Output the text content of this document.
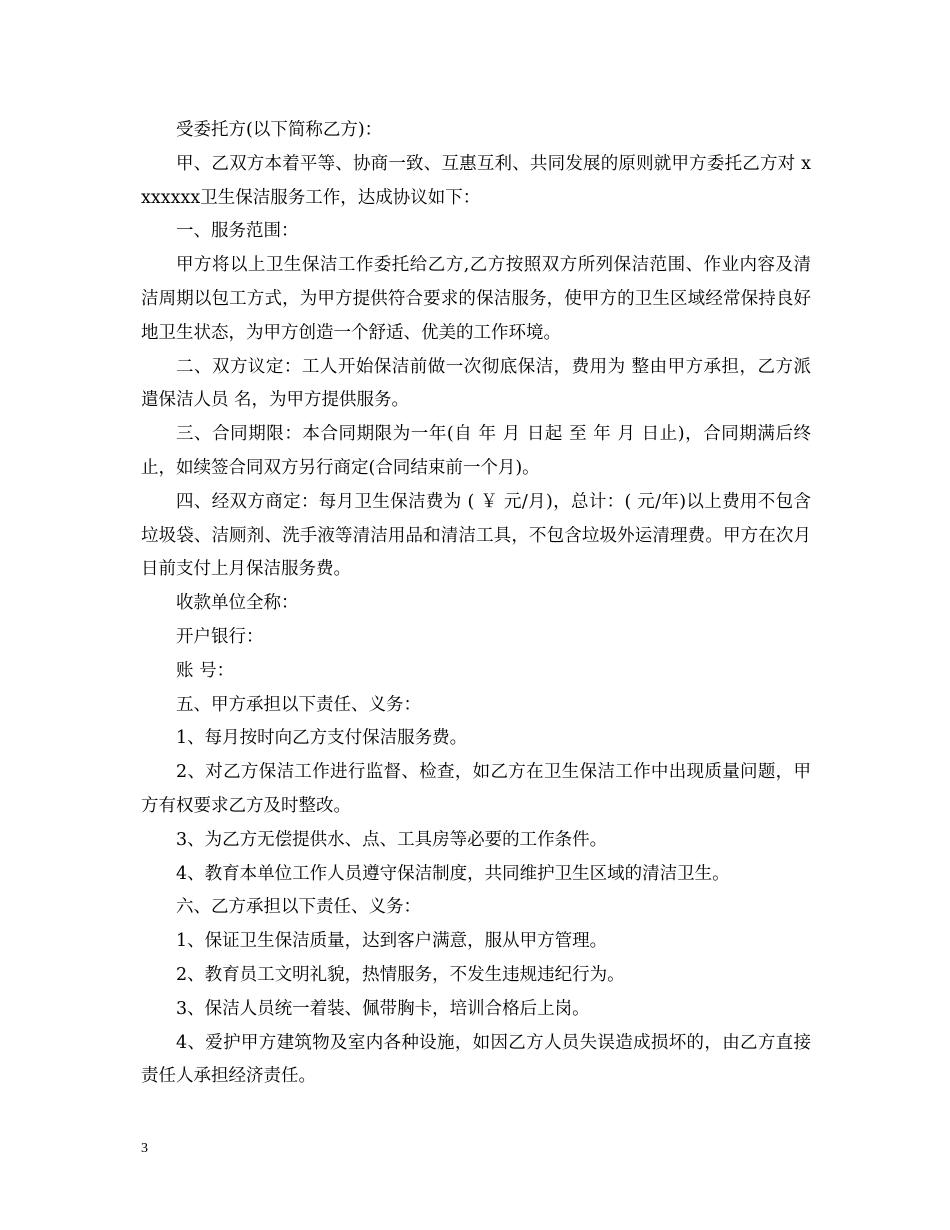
受委托方(以下简称乙方)：

甲、乙双方本着平等、协商一致、互惠互利、共同发展的原则就甲方委托乙方对 xxxxxxx卫生保洁服务工作，达成协议如下：

一、服务范围：

甲方将以上卫生保洁工作委托给乙方,乙方按照双方所列保洁范围、作业内容及清洁周期以包工方式，为甲方提供符合要求的保洁服务，使甲方的卫生区域经常保持良好地卫生状态，为甲方创造一个舒适、优美的工作环境。

二、双方议定：工人开始保洁前做一次彻底保洁，费用为 整由甲方承担，乙方派遣保洁人员 名，为甲方提供服务。

三、合同期限：本合同期限为一年(自 年 月 日起 至 年 月 日止)，合同期满后终止，如续签合同双方另行商定(合同结束前一个月)。

四、经双方商定：每月卫生保洁费为 ( ￥ 元/月)，总计：( 元/年)以上费用不包含垃圾袋、洁厕剂、洗手液等清洁用品和清洁工具，不包含垃圾外运清理费。甲方在次月 日前支付上月保洁服务费。

收款单位全称：

开户银行：

账 号：

五、甲方承担以下责任、义务：

1、每月按时向乙方支付保洁服务费。

2、对乙方保洁工作进行监督、检查，如乙方在卫生保洁工作中出现质量问题，甲方有权要求乙方及时整改。

3、为乙方无偿提供水、点、工具房等必要的工作条件。

4、教育本单位工作人员遵守保洁制度，共同维护卫生区域的清洁卫生。

六、乙方承担以下责任、义务：

1、保证卫生保洁质量，达到客户满意，服从甲方管理。

2、教育员工文明礼貌，热情服务，不发生违规违纪行为。

3、保洁人员统一着装、佩带胸卡，培训合格后上岗。

4、爱护甲方建筑物及室内各种设施，如因乙方人员失误造成损坏的，由乙方直接责任人承担经济责任。

3
